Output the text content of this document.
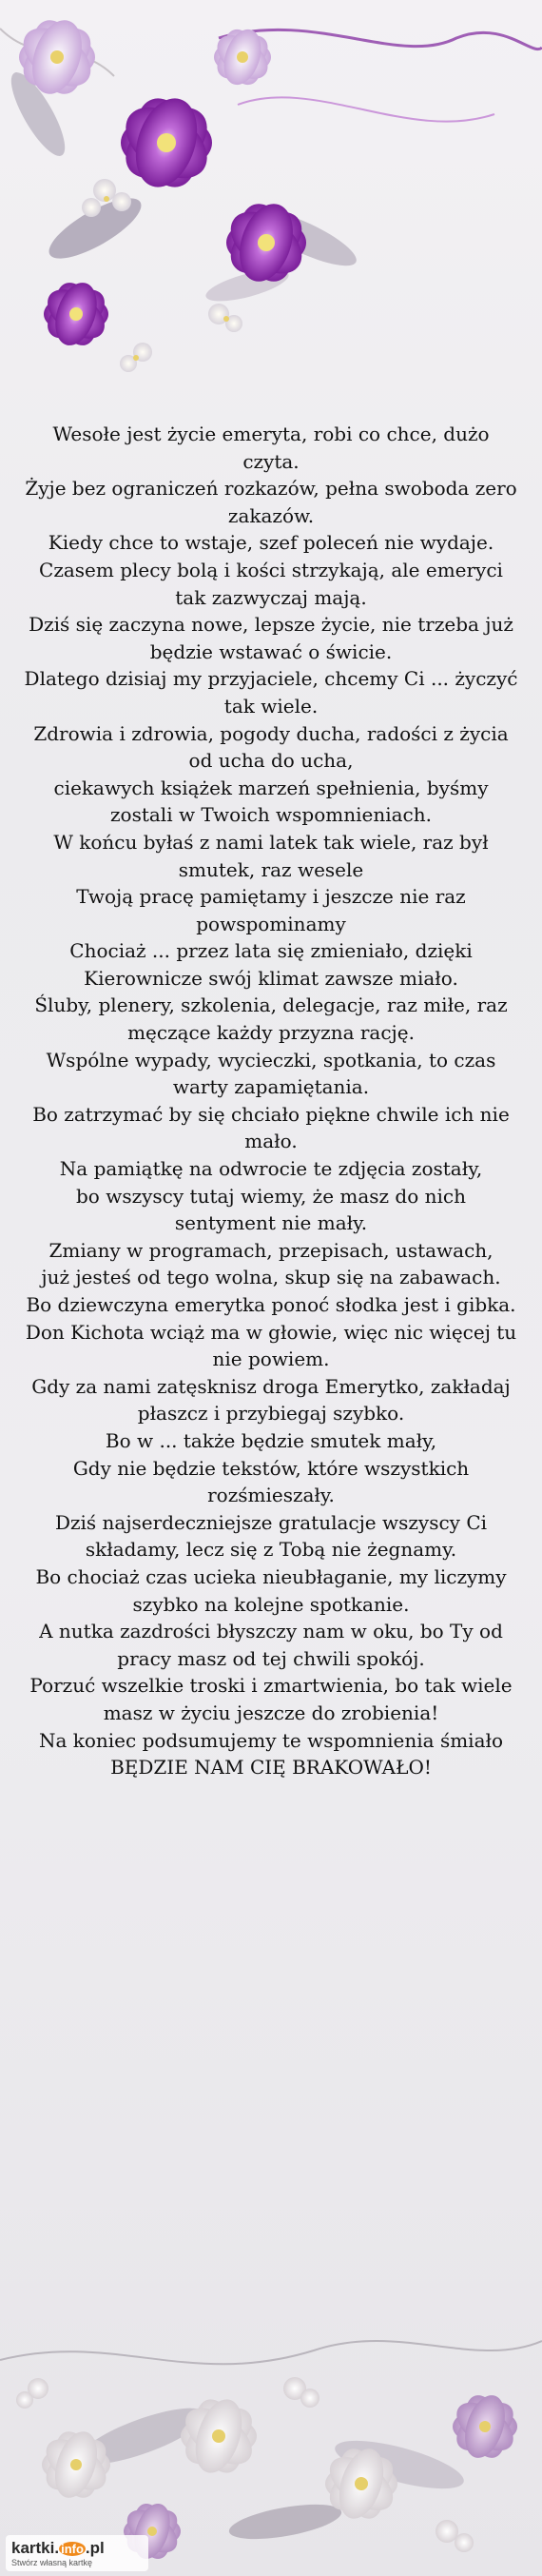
Wesołe jest życie emeryta, robi co chce, dużo czyta.

Żyje bez ograniczeń rozkazów, pełna swoboda zero zakazów.

Kiedy chce to wstaje, szef poleceń nie wydaje.

Czasem plecy bolą i kości strzykają, ale emeryci tak zazwyczaj mają.

Dziś się zaczyna nowe, lepsze życie, nie trzeba już będzie wstawać o świcie.

Dlatego dzisiaj my przyjaciele, chcemy Ci ... życzyć tak wiele.

Zdrowia i zdrowia, pogody ducha, radości z życia od ucha do ucha,

ciekawych książek marzeń spełnienia, byśmy zostali w Twoich wspomnieniach.

W końcu byłaś z nami latek tak wiele, raz był smutek, raz wesele

Twoją pracę pamiętamy i jeszcze nie raz powspominamy

Chociaż ... przez lata się zmieniało, dzięki Kierownicze swój klimat zawsze miało.

Śluby, plenery, szkolenia, delegacje, raz miłe, raz męczące każdy przyzna rację.

Wspólne wypady, wycieczki, spotkania, to czas warty zapamiętania.

Bo zatrzymać by się chciało piękne chwile ich nie mało.

Na pamiątkę na odwrocie te zdjęcia zostały,

bo wszyscy tutaj wiemy, że masz do nich sentyment nie mały.

Zmiany w programach, przepisach, ustawach,

już jesteś od tego wolna, skup się na zabawach.

Bo dziewczyna emerytka ponoć słodka jest i gibka.

Don Kichota wciąż ma w głowie, więc nic więcej tu nie powiem.

Gdy za nami zatęsknisz droga Emerytko, zakładaj płaszcz i przybiegaj szybko.

Bo w ... także będzie smutek mały,

Gdy nie będzie tekstów, które wszystkich rozśmieszały.

Dziś najserdeczniejsze gratulacje wszyscy Ci składamy, lecz się z Tobą nie żegnamy.

Bo chociaż czas ucieka nieubłaganie, my liczymy szybko na kolejne spotkanie.

A nutka zazdrości błyszczy nam w oku, bo Ty od pracy masz od tej chwili spokój.

Porzuć wszelkie troski i zmartwienia, bo tak wiele masz w życiu jeszcze do zrobienia!

Na koniec podsumujemy te wspomnienia śmiało

BĘDZIE NAM CIĘ BRAKOWAŁO!

kartki. info .pl
Stwórz własną kartkę
